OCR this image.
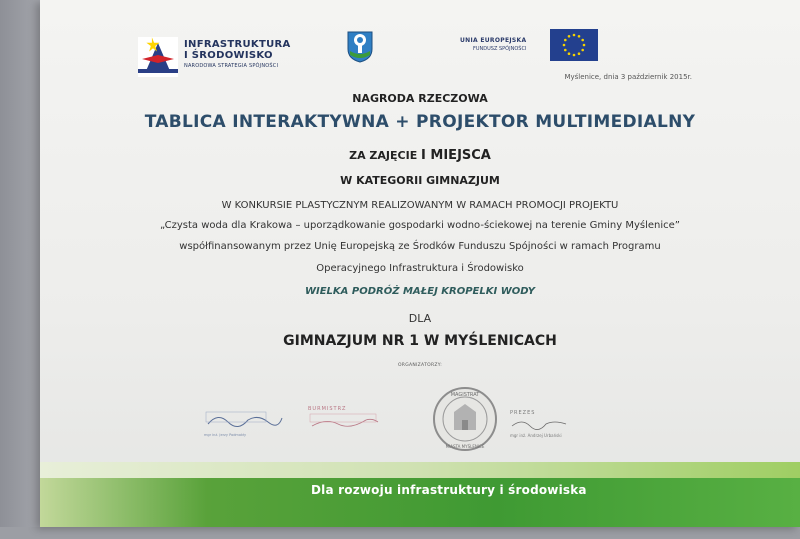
INFRASTRUKTURA
I ŚRODOWISKO
NARODOWA STRATEGIA SPÓJNOŚCI
UNIA EUROPEJSKA
FUNDUSZ SPÓJNOŚCI
Myślenice, dnia 3 październik 2015r.
NAGRODA RZECZOWA
TABLICA INTERAKTYWNA + PROJEKTOR MULTIMEDIALNY
ZA ZAJĘCIE I MIEJSCA
W KATEGORII GIMNAZJUM
W KONKURSIE PLASTYCZNYM REALIZOWANYM W RAMACH PROMOCJI PROJEKTU
„Czysta woda dla Krakowa – uporządkowanie gospodarki wodno-ściekowej na terenie Gminy Myślenice”
współfinansowanym przez Unię Europejską ze Środków Funduszu Spójności w ramach Programu
Operacyjnego Infrastruktura i Środowisko
WIELKA PODRÓŻ MAŁEJ KROPELKI WODY
DLA
GIMNAZJUM NR 1 W MYŚLENICACH
ORGANIZATORZY:
mgr inż. Jerzy Podmokły
BURMISTRZ
MAGISTRAT
MIASTA MYŚLENICE
PREZES
mgr inż. Andrzej Urbański
Dla rozwoju infrastruktury i środowiska
